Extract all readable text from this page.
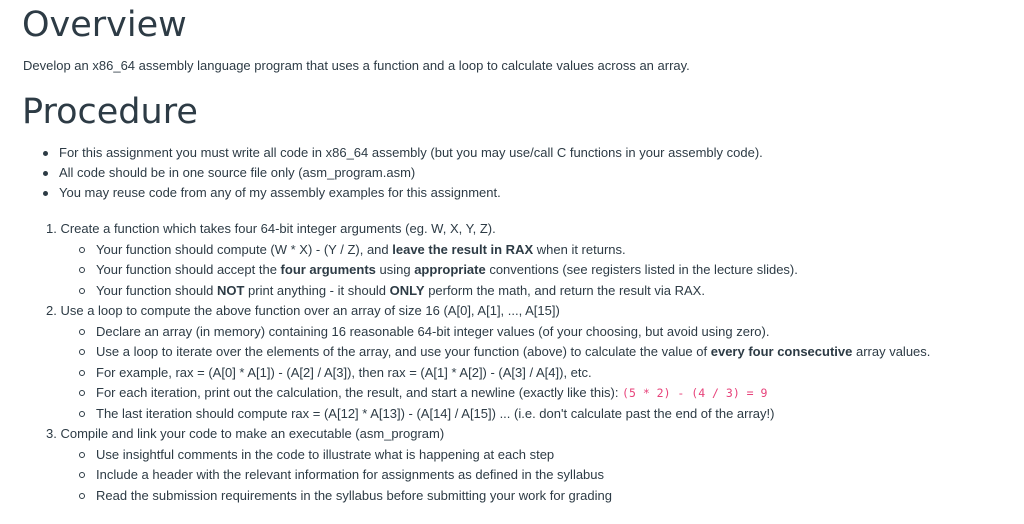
Overview
Develop an x86_64 assembly language program that uses a function and a loop to calculate values across an array.
Procedure
For this assignment you must write all code in x86_64 assembly (but you may use/call C functions in your assembly code).
All code should be in one source file only (asm_program.asm)
You may reuse code from any of my assembly examples for this assignment.
1. Create a function which takes four 64-bit integer arguments (eg. W, X, Y, Z).
Your function should compute (W * X) - (Y / Z), and leave the result in RAX when it returns.
Your function should accept the four arguments using appropriate conventions (see registers listed in the lecture slides).
Your function should NOT print anything - it should ONLY perform the math, and return the result via RAX.
2. Use a loop to compute the above function over an array of size 16 (A[0], A[1], ..., A[15])
Declare an array (in memory) containing 16 reasonable 64-bit integer values (of your choosing, but avoid using zero).
Use a loop to iterate over the elements of the array, and use your function (above) to calculate the value of every four consecutive array values.
For example, rax = (A[0] * A[1]) - (A[2] / A[3]), then rax = (A[1] * A[2]) - (A[3] / A[4]), etc.
For each iteration, print out the calculation, the result, and start a newline (exactly like this): (5 * 2) - (4 / 3) = 9
The last iteration should compute rax = (A[12] * A[13]) - (A[14] / A[15]) ... (i.e. don't calculate past the end of the array!)
3. Compile and link your code to make an executable (asm_program)
Use insightful comments in the code to illustrate what is happening at each step
Include a header with the relevant information for assignments as defined in the syllabus
Read the submission requirements in the syllabus before submitting your work for grading
